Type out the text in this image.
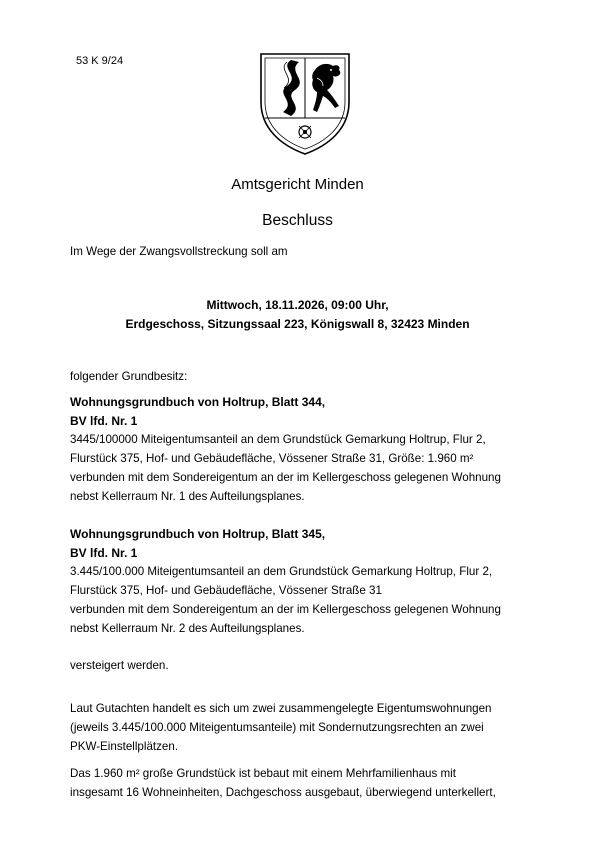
53 K 9/24
Amtsgericht Minden
Beschluss
Im Wege der Zwangsvollstreckung soll am
Mittwoch, 18.11.2026, 09:00 Uhr,
Erdgeschoss, Sitzungssaal 223, Königswall 8, 32423 Minden
folgender Grundbesitz:
Wohnungsgrundbuch von Holtrup, Blatt 344,
BV lfd. Nr. 1
3445/100000 Miteigentumsanteil an dem Grundstück Gemarkung Holtrup, Flur 2,
Flurstück 375, Hof- und Gebäudefläche, Vössener Straße 31, Größe: 1.960 m²
verbunden mit dem Sondereigentum an der im Kellergeschoss gelegenen Wohnung
nebst Kellerraum Nr. 1 des Aufteilungsplanes.
Wohnungsgrundbuch von Holtrup, Blatt 345,
BV lfd. Nr. 1
3.445/100.000 Miteigentumsanteil an dem Grundstück Gemarkung Holtrup, Flur 2,
Flurstück 375, Hof- und Gebäudefläche, Vössener Straße 31
verbunden mit dem Sondereigentum an der im Kellergeschoss gelegenen Wohnung
nebst Kellerraum Nr. 2 des Aufteilungsplanes.
versteigert werden.
Laut Gutachten handelt es sich um zwei zusammengelegte Eigentumswohnungen
(jeweils 3.445/100.000 Miteigentumsanteile) mit Sondernutzungsrechten an zwei
PKW-Einstellplätzen.
Das 1.960 m² große Grundstück ist bebaut mit einem Mehrfamilienhaus mit
insgesamt 16 Wohneinheiten, Dachgeschoss ausgebaut, überwiegend unterkellert,
